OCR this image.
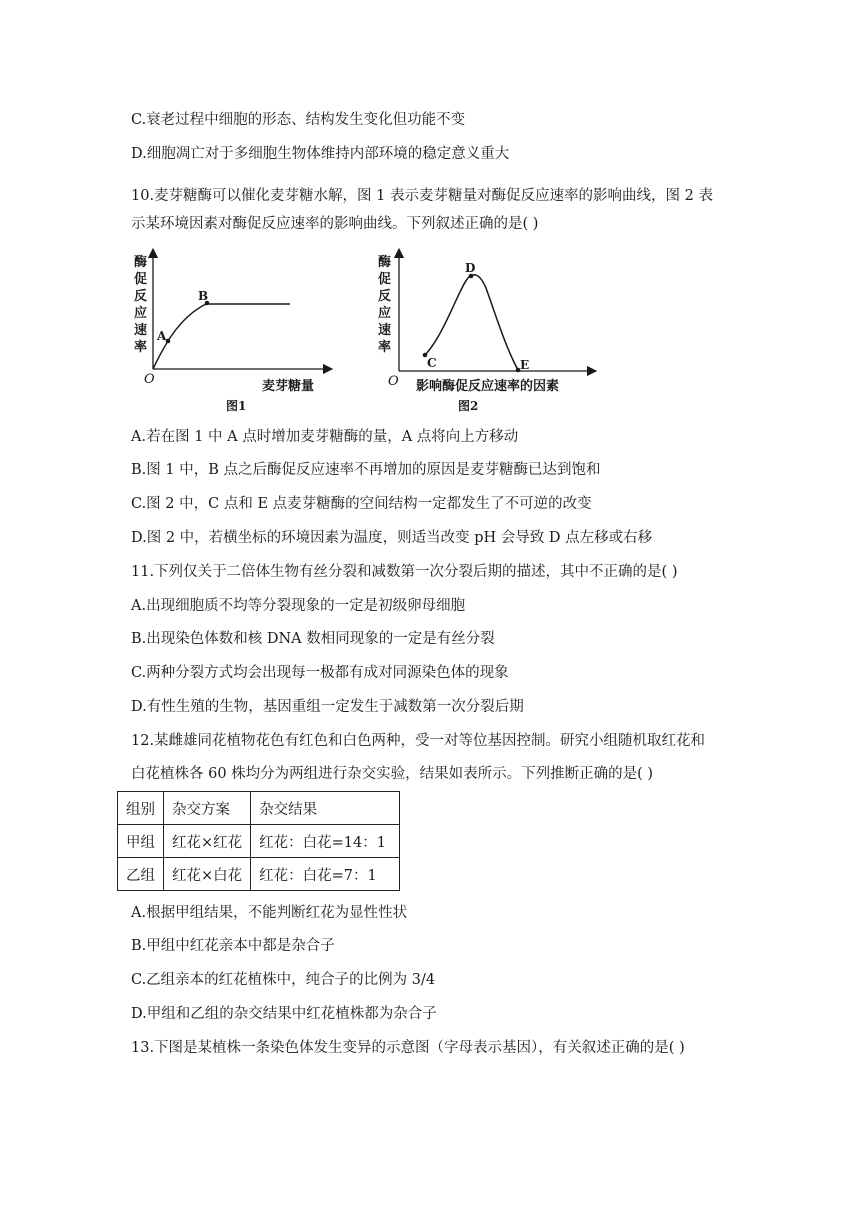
C.衰老过程中细胞的形态、结构发生变化但功能不变
D.细胞凋亡对于多细胞生物体维持内部环境的稳定意义重大
10.麦芽糖酶可以催化麦芽糖水解，图 1 表示麦芽糖量对酶促反应速率的影响曲线，图 2 表
示某环境因素对酶促反应速率的影响曲线。下列叙述正确的是( )
酶
促
反
应
速
率
O
A
B
麦芽糖量
图1
酶
促
反
应
速
率
O
C
D
E
影响酶促反应速率的因素
图2
A.若在图 1 中 A 点时增加麦芽糖酶的量，A 点将向上方移动
B.图 1 中，B 点之后酶促反应速率不再增加的原因是麦芽糖酶已达到饱和
C.图 2 中，C 点和 E 点麦芽糖酶的空间结构一定都发生了不可逆的改变
D.图 2 中，若横坐标的环境因素为温度，则适当改变 pH 会导致 D 点左移或右移
11.下列仅关于二倍体生物有丝分裂和减数第一次分裂后期的描述，其中不正确的是( )
A.出现细胞质不均等分裂现象的一定是初级卵母细胞
B.出现染色体数和核 DNA 数相同现象的一定是有丝分裂
C.两种分裂方式均会出现每一极都有成对同源染色体的现象
D.有性生殖的生物，基因重组一定发生于减数第一次分裂后期
12.某雌雄同花植物花色有红色和白色两种，受一对等位基因控制。研究小组随机取红花和
白花植株各 60 株均分为两组进行杂交实验，结果如表所示。下列推断正确的是( )
组别	杂交方案	杂交结果
甲组	红花×红花	红花：白花=14：1
乙组	红花×白花	红花：白花=7：1
A.根据甲组结果，不能判断红花为显性性状
B.甲组中红花亲本中都是杂合子
C.乙组亲本的红花植株中，纯合子的比例为 3/4
D.甲组和乙组的杂交结果中红花植株都为杂合子
13.下图是某植株一条染色体发生变异的示意图（字母表示基因），有关叙述正确的是( )
